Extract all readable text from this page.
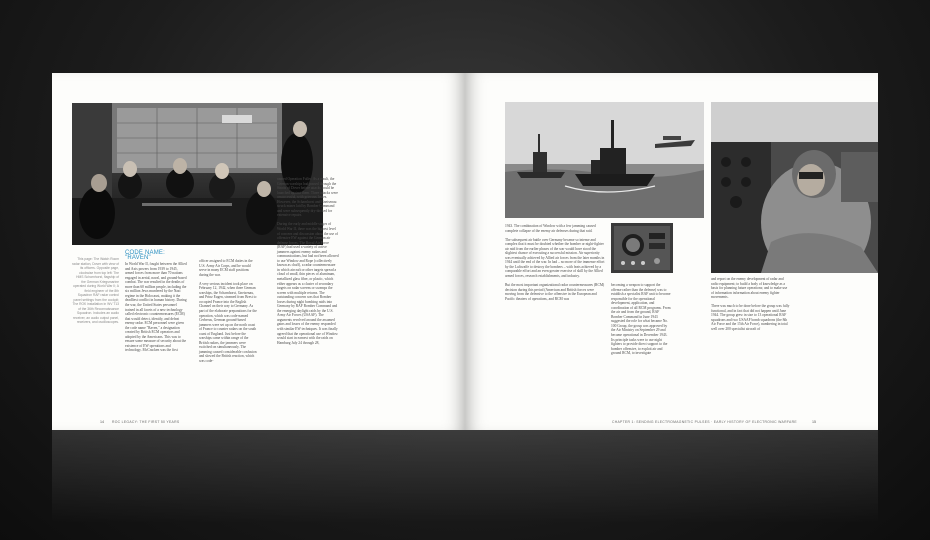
This page: The Watch Room radar station, Dover with view of its officers. Opposite page, clockwise from top left: The HMS Scharnhorst, flagship of the German Kriegsmarine operated during World War II; A field engineer of the 8th Squadron RAF radar control panel settings from the cockpit; The ROK installation in WV T13 of the 36th Reconnaissance Squadron. Includes an audio receiver, an audio output panel, receivers, and oscilloscopes.
CODE NAME: "RAVEN"

In World War II, fought between the Allied and Axis powers from 1939 to 1945, armed forces from more than 70 nations engaged in aerial, naval, and ground-based combat. The war resulted in the deaths of more than 60 million people, including the six million Jews murdered by the Nazi regime in the Holocaust, making it the deadliest conflict in human history. During the war, the United States personnel trained in all facets of a new technology called electronic countermeasures (ECM) that would detect, identify, and defeat enemy radar. ECM personnel were given the code name "Raven," a designation created by British ECM operators and adopted by the Americans. This was to ensure some measure of security about the existence of EW operations and technology. McCracken was the first

officer assigned to ECM duties in the U.S. Army Air Corps, and he would serve in many ECM staff positions during the war.

A very serious incident took place on February 12, 1942, when three German warships, the Scharnhorst, Gneisenau, and Prinz Eugen, steamed from Brest to occupied France into the English Channel on their way to Germany. As part of the elaborate preparations for the operation, which was code-named Cerberus, German ground-based jammers were set up on the north coast of France to counter radars on the south coast of England. Just before the warships came within range of the British radars, the jammers were switched on simultaneously. The jamming caused considerable confusion and slowed the British reaction, which was code-

named Operation Fuller. As a result, the German warships had passed through the Straits of Dover before attacks could be launched against them. Three attacks were unsuccessful, with grievous losses. However, the Scharnhorst and Gneisenau struck mines laid by Bomber Command and were subsequently dry-docked for extensive repairs.

During the early and middle stages of World War II, there was the highest level of concern and discussion about the use of offensive EW against the German air defense forces. The Royal Air Force (RAF) had used a variety of active jammers against enemy radars and communications, but had not been allowed to use Window and Rope (collectively known as chaff), a radar countermeasure in which aircraft or other targets spread a cloud of small, thin pieces of aluminum, metallized glass fiber, or plastic, which either appears as a cluster of secondary targets on radar screens or swamps the screen with multiple returns. The outstanding concern was that Bomber losses during night bombing raids into Germany by RAF Bomber Command and the emerging daylight raids by the U.S. Army Air Forces (USAAF). The arguments revolved around the assumed gains and losses of the enemy responded with similar EW techniques. It was finally agreed that the operational use of Window would start in earnest with the raids on Hamburg July 24 through 28,

14 ROC LEGACY: THE FIRST 50 YEARS

1943. The combination of Window with a few jamming caused complete collapse of the enemy air defenses during that raid.

The subsequent air battle over Germany became so intense and complex that it must be doubted whether the bomber or night-fighter air raid from the earlier phases of the war would have stood the slightest chance of executing a successful mission. Air superiority was eventually achieved by Allied air forces from the later months in 1944 until the end of the war. In had – no more of the immense effort by the Luftwaffe to destroy the bombers – with feats achieved by a comparable effort and an even greater exercise of skill by the Allied armed forces, research establishments, and industry.

But the most important organizational radar countermeasures (RCM) decision during this period (American and British forces were moving from the defensive to the offensive in the European and Pacific theaters of operations, and RCM was

becoming a weapon to support the offense rather than the defense) was to establish a specialist RAF unit to become responsible for the operational development, application, and coordination of all RCM programs. From the air and from the ground, RAF Bomber Command in June 1943 suggested the role for what became No. 100 Group, the group was approved by the Air Ministry on September 29 and became operational in December 1943. Its principle tasks were to use night fighters to provide direct support to the bomber offensive, to exploit air and ground RCM, to investigate

and report on the enemy development of radar and radio equipment; to build a body of knowledge as a basis for planning future operations; and to make use of information information about enemy fighter movements.

There was much to be done before the group was fully functional, and in fact that did not happen until June 1944. The group grew in size to 13 operational RAF squadrons and two USAAF bomb squadrons (the 8th Air Force and the 15th Air Force), numbering in total well over 200 specialist aircraft of

CHAPTER 1: SENDING ELECTROMAGNETIC PULSES · EARLY HISTORY OF ELECTRONIC WARFARE	15
